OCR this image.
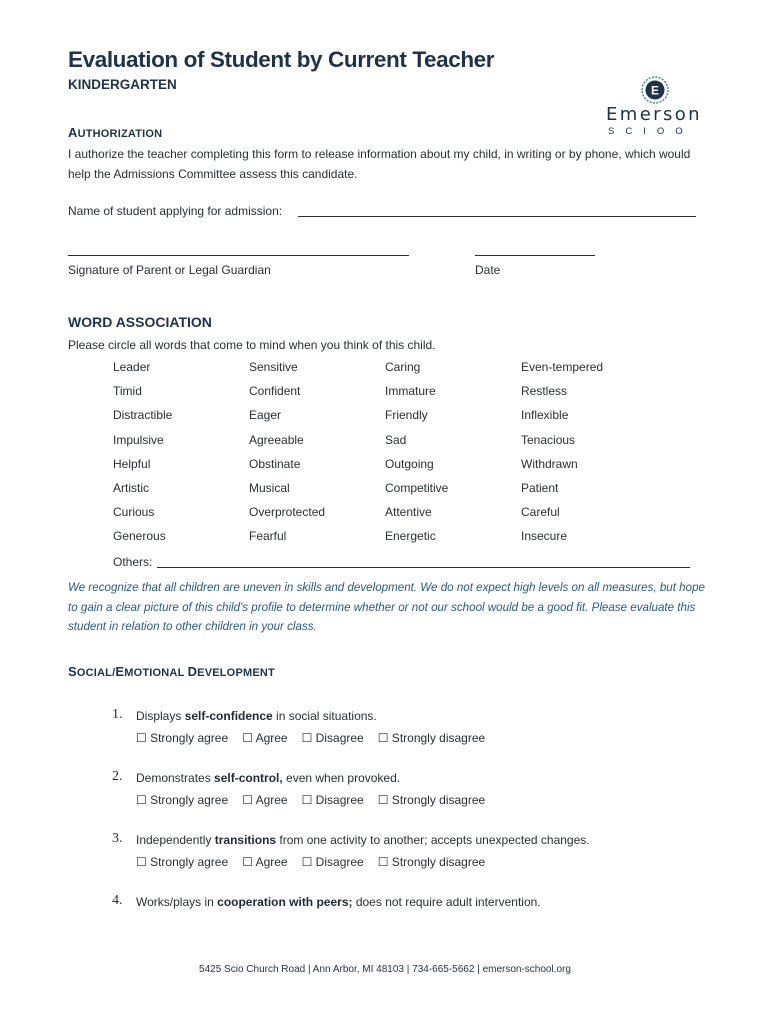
Evaluation of Student by Current Teacher
KINDERGARTEN	E
Emerson
SCIOO
AUTHORIZATION
I authorize the teacher completing this form to release information about my child, in writing or by phone, which would help the Admissions Committee assess this candidate.
Name of student applying for admission:
Signature of Parent or Legal Guardian	Date
WORD ASSOCIATION
Please circle all words that come to mind when you think of this child.
Leader
Timid
Distractible
Impulsive
Helpful
Artistic
Curious
Generous
Sensitive
Confident
Eager
Agreeable
Obstinate
Musical
Overprotected
Fearful
Caring
Immature
Friendly
Sad
Outgoing
Competitive
Attentive
Energetic
Even-tempered
Restless
Inflexible
Tenacious
Withdrawn
Patient
Careful
Insecure
Others:
We recognize that all children are uneven in skills and development. We do not expect high levels on all measures, but hope to gain a clear picture of this child's profile to determine whether or not our school would be a good fit. Please evaluate this student in relation to other children in your class.
SOCIAL/EMOTIONAL DEVELOPMENT
1. Displays self-confidence in social situations.
☐ Strongly agree ☐ Agree ☐ Disagree ☐ Strongly disagree
2. Demonstrates self-control, even when provoked.
☐ Strongly agree ☐ Agree ☐ Disagree ☐ Strongly disagree
3. Independently transitions from one activity to another; accepts unexpected changes.
☐ Strongly agree ☐ Agree ☐ Disagree ☐ Strongly disagree
4. Works/plays in cooperation with peers; does not require adult intervention.
5425 Scio Church Road | Ann Arbor, MI 48103 | 734-665-5662 | emerson-school.org
